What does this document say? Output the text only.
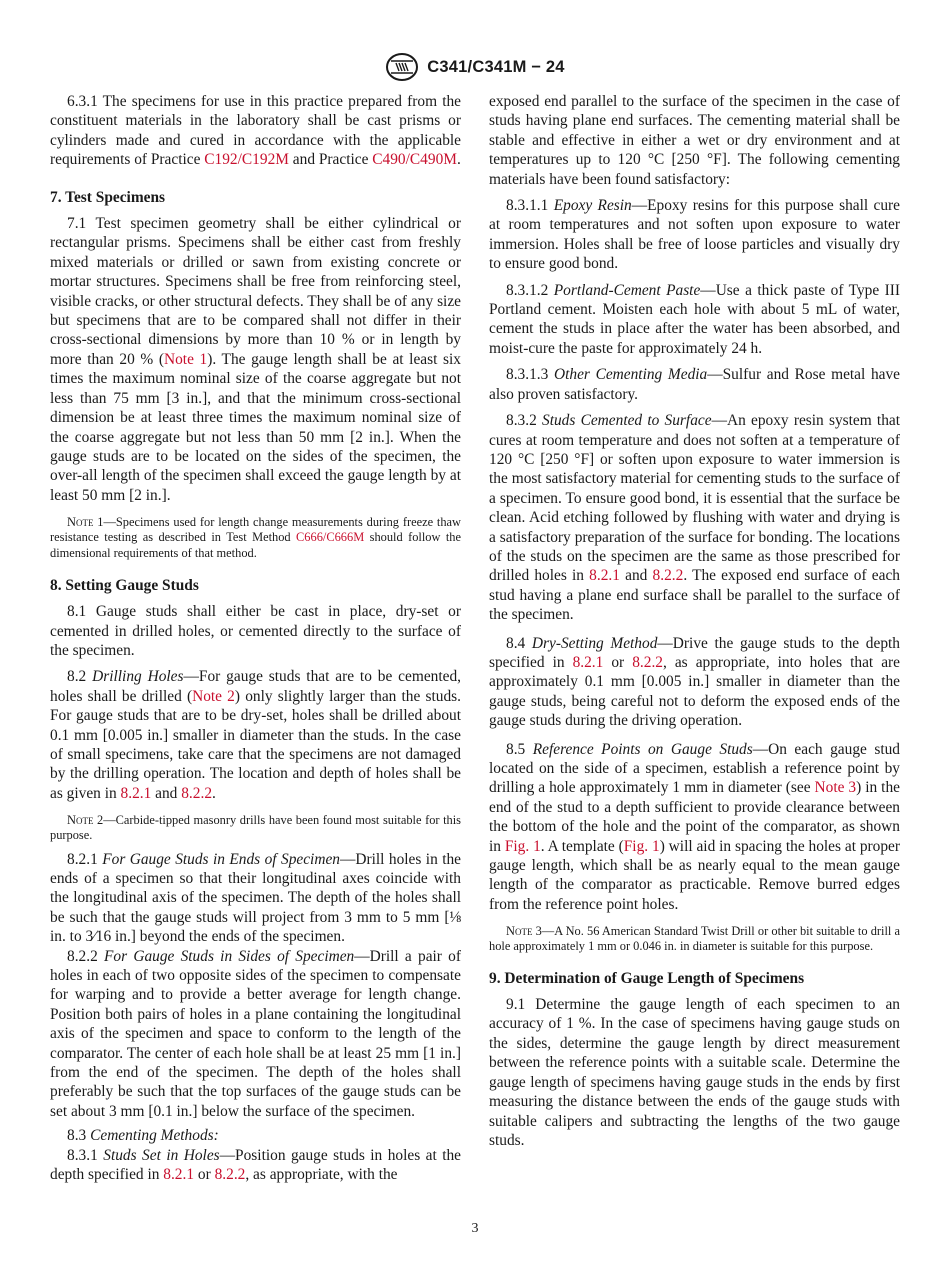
C341/C341M − 24

6.3.1 The specimens for use in this practice prepared from the constituent materials in the laboratory shall be cast prisms or cylinders made and cured in accordance with the applicable requirements of Practice C192/C192M and Practice C490/C490M.

7. Test Specimens

7.1 Test specimen geometry shall be either cylindrical or rectangular prisms. Specimens shall be either cast from freshly mixed materials or drilled or sawn from existing concrete or mortar structures. Specimens shall be free from reinforcing steel, visible cracks, or other structural defects. They shall be of any size but specimens that are to be compared shall not differ in their cross-sectional dimensions by more than 10 % or in length by more than 20 % (Note 1). The gauge length shall be at least six times the maximum nominal size of the coarse aggregate but not less than 75 mm [3 in.], and that the minimum cross-sectional dimension be at least three times the maximum nominal size of the coarse aggregate but not less than 50 mm [2 in.]. When the gauge studs are to be located on the sides of the specimen, the over-all length of the specimen shall exceed the gauge length by at least 50 mm [2 in.].

Note 1—Specimens used for length change measurements during freeze thaw resistance testing as described in Test Method C666/C666M should follow the dimensional requirements of that method.
8. Setting Gauge Studs

8.1 Gauge studs shall either be cast in place, dry-set or cemented in drilled holes, or cemented directly to the surface of the specimen.

8.2 Drilling Holes—For gauge studs that are to be cemented, holes shall be drilled (Note 2) only slightly larger than the studs. For gauge studs that are to be dry-set, holes shall be drilled about 0.1 mm [0.005 in.] smaller in diameter than the studs. In the case of small specimens, take care that the specimens are not damaged by the drilling operation. The location and depth of holes shall be as given in 8.2.1 and 8.2.2.

Note 2—Carbide-tipped masonry drills have been found most suitable for this purpose.

8.2.1 For Gauge Studs in Ends of Specimen—Drill holes in the ends of a specimen so that their longitudinal axes coincide with the longitudinal axis of the specimen. The depth of the holes shall be such that the gauge studs will project from 3 mm to 5 mm [⅛ in. to 3⁄16 in.] beyond the ends of the specimen.

8.2.2 For Gauge Studs in Sides of Specimen—Drill a pair of holes in each of two opposite sides of the specimen to compensate for warping and to provide a better average for length change. Position both pairs of holes in a plane containing the longitudinal axis of the specimen and space to conform to the length of the comparator. The center of each hole shall be at least 25 mm [1 in.] from the end of the specimen. The depth of the holes shall preferably be such that the top surfaces of the gauge studs can be set about 3 mm [0.1 in.] below the surface of the specimen.

8.3 Cementing Methods:

8.3.1 Studs Set in Holes—Position gauge studs in holes at the depth specified in 8.2.1 or 8.2.2, as appropriate, with the

exposed end parallel to the surface of the specimen in the case of studs having plane end surfaces. The cementing material shall be stable and effective in either a wet or dry environment and at temperatures up to 120 °C [250 °F]. The following cementing materials have been found satisfactory:

8.3.1.1 Epoxy Resin—Epoxy resins for this purpose shall cure at room temperatures and not soften upon exposure to water immersion. Holes shall be free of loose particles and visually dry to ensure good bond.

8.3.1.2 Portland-Cement Paste—Use a thick paste of Type III Portland cement. Moisten each hole with about 5 mL of water, cement the studs in place after the water has been absorbed, and moist-cure the paste for approximately 24 h.

8.3.1.3 Other Cementing Media—Sulfur and Rose metal have also proven satisfactory.

8.3.2 Studs Cemented to Surface—An epoxy resin system that cures at room temperature and does not soften at a temperature of 120 °C [250 °F] or soften upon exposure to water immersion is the most satisfactory material for cementing studs to the surface of a specimen. To ensure good bond, it is essential that the surface be clean. Acid etching followed by flushing with water and drying is a satisfactory preparation of the surface for bonding. The locations of the studs on the specimen are the same as those prescribed for drilled holes in 8.2.1 and 8.2.2. The exposed end surface of each stud having a plane end surface shall be parallel to the surface of the specimen.

8.4 Dry-Setting Method—Drive the gauge studs to the depth specified in 8.2.1 or 8.2.2, as appropriate, into holes that are approximately 0.1 mm [0.005 in.] smaller in diameter than the gauge studs, being careful not to deform the exposed ends of the gauge studs during the driving operation.

8.5 Reference Points on Gauge Studs—On each gauge stud located on the side of a specimen, establish a reference point by drilling a hole approximately 1 mm in diameter (see Note 3) in the end of the stud to a depth sufficient to provide clearance between the bottom of the hole and the point of the comparator, as shown in Fig. 1. A template (Fig. 1) will aid in spacing the holes at proper gauge length, which shall be as nearly equal to the mean gauge length of the comparator as practicable. Remove burred edges from the reference point holes.

Note 3—A No. 56 American Standard Twist Drill or other bit suitable to drill a hole approximately 1 mm or 0.046 in. in diameter is suitable for this purpose.
9. Determination of Gauge Length of Specimens

9.1 Determine the gauge length of each specimen to an accuracy of 1 %. In the case of specimens having gauge studs on the sides, determine the gauge length by direct measurement between the reference points with a suitable scale. Determine the gauge length of specimens having gauge studs in the ends by first measuring the distance between the ends of the gauge studs with suitable calipers and subtracting the lengths of the two gauge studs.

3
